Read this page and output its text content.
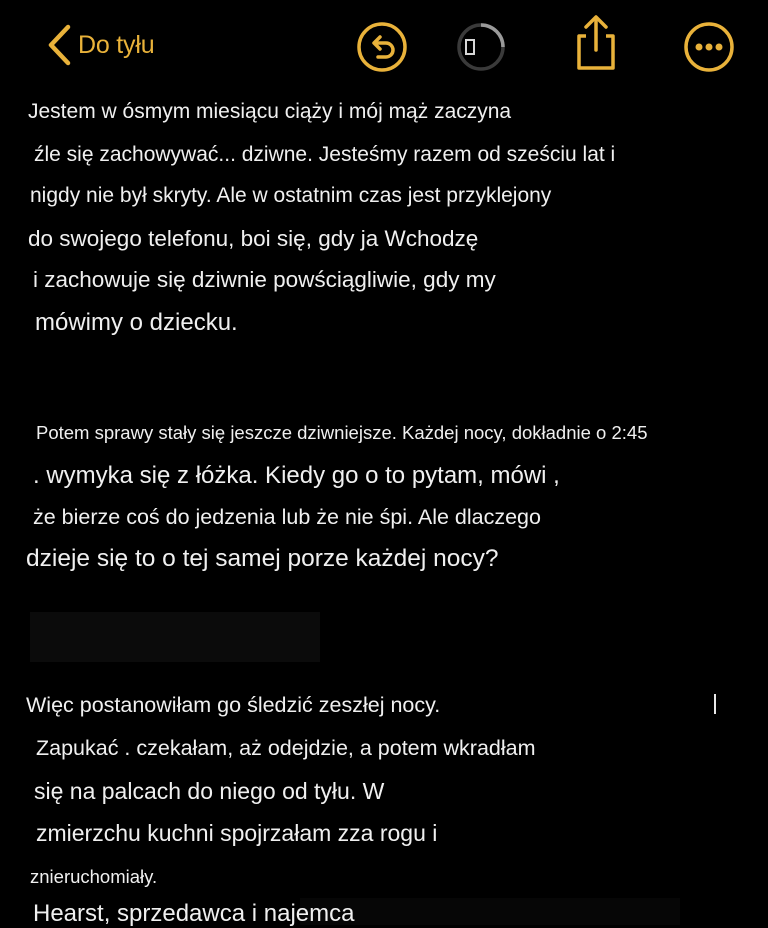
Do tyłu
Jestem w ósmym miesiącu ciąży i mój mąż zaczyna
źle się zachowywać... dziwne. Jesteśmy razem od sześciu lat i
nigdy nie był skryty. Ale w ostatnim czas jest przyklejony
do swojego telefonu, boi się, gdy ja Wchodzę
i zachowuje się dziwnie powściągliwie, gdy my
mówimy o dziecku.
Potem sprawy stały się jeszcze dziwniejsze. Każdej nocy, dokładnie o 2:45
. wymyka się z łóżka. Kiedy go o to pytam, mówi ,
że bierze coś do jedzenia lub że nie śpi. Ale dlaczego
dzieje się to o tej samej porze każdej nocy?
Więc postanowiłam go śledzić zeszłej nocy.
Zapukać . czekałam, aż odejdzie, a potem wkradłam
się na palcach do niego od tyłu. W
zmierzchu kuchni spojrzałam zza rogu i
znieruchomiały.
Hearst, sprzedawca i najemca
